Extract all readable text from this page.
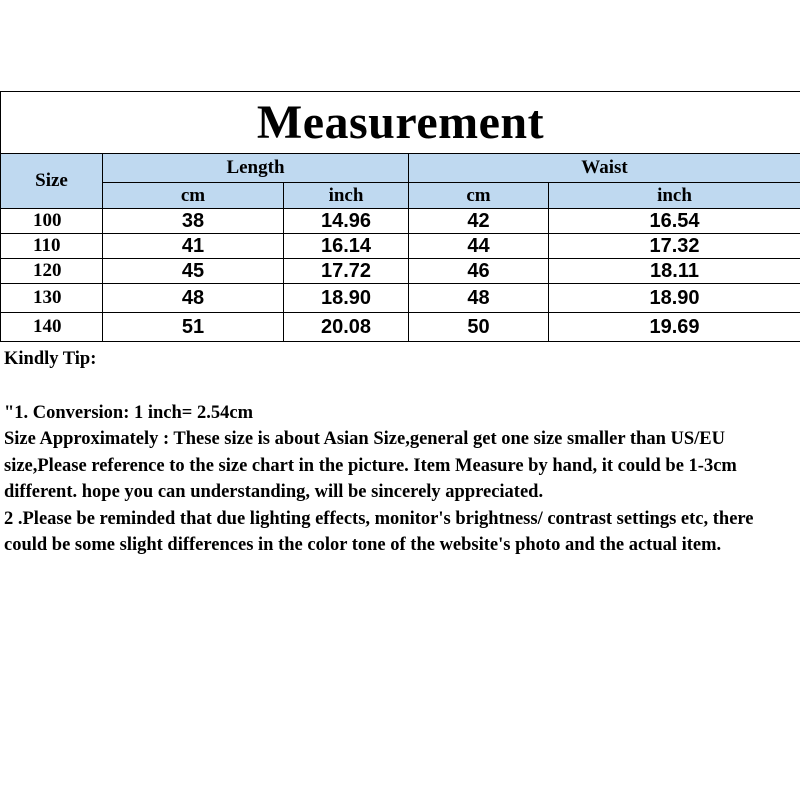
Measurement				
Size	Length		Waist	
	cm	inch	cm	inch
100	38	14.96	42	16.54
110	41	16.14	44	17.32
120	45	17.72	46	18.11
130	48	18.90	48	18.90
140	51	20.08	50	19.69

Kindly Tip:

"1. Conversion: 1 inch= 2.54cm

Size Approximately : These size is about Asian Size,general get one size smaller than US/EU size,Please reference to the size chart in the picture. Item Measure by hand, it could be 1-3cm different. hope you can understanding, will be sincerely appreciated.

2 .Please be reminded that due lighting effects, monitor's brightness/ contrast settings etc, there could be some slight differences in the color tone of the website's photo and the actual item.
